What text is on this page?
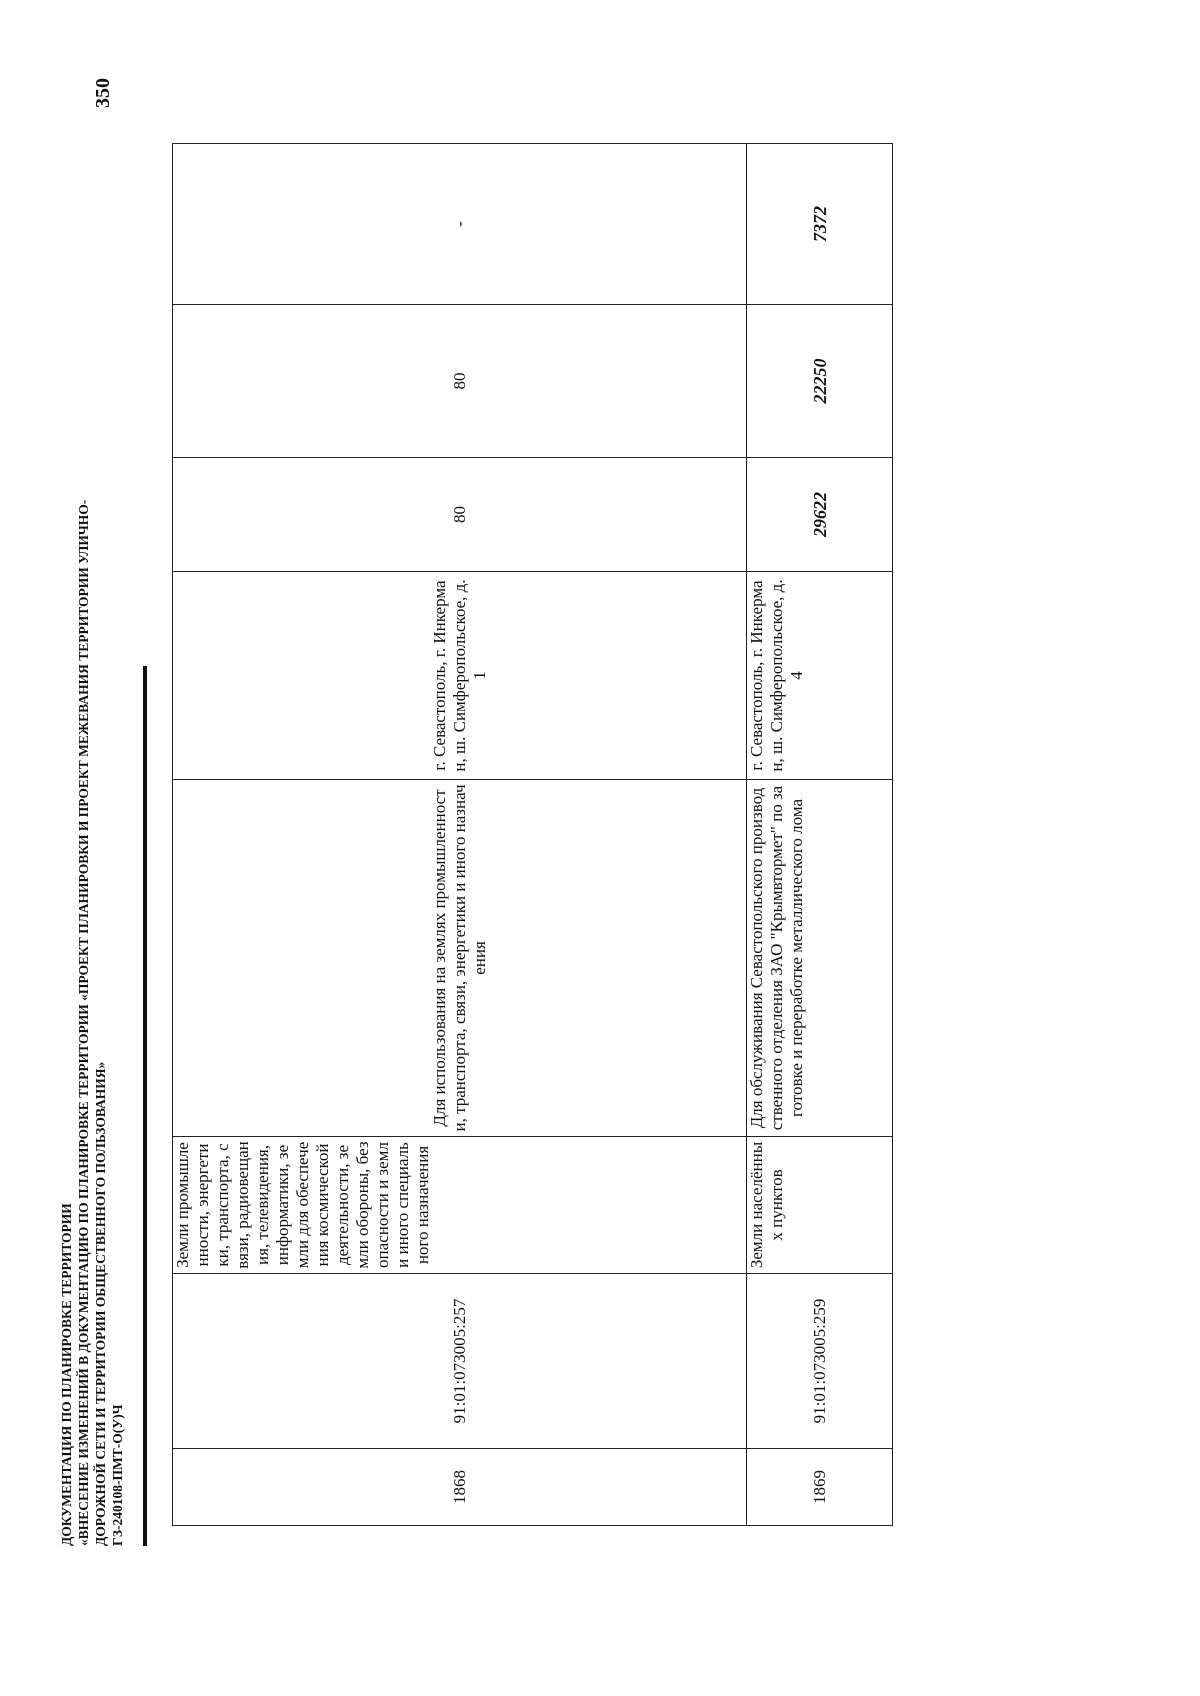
ДОКУМЕНТАЦИЯ ПО ПЛАНИРОВКЕ ТЕРРИТОРИИ «ВНЕСЕНИЕ ИЗМЕНЕНИЙ В ДОКУМЕНТАЦИЮ ПО ПЛАНИРОВКЕ ТЕРРИТОРИИ «ПРОЕКТ ПЛАНИРОВКИ И ПРОЕКТ МЕЖЕВАНИЯ ТЕРРИТОРИИ УЛИЧНО- ДОРОЖНОЙ СЕТИ И ТЕРРИТОРИИ ОБЩЕСТВЕННОГО ПОЛЬЗОВАНИЯ» ГЗ-240108-ПМТ-О(У)Ч
350
1868	91:01:073005:257	Земли промышленности, энергетики, транспорта, связи, радиовещания, телевидения, информатики, земли для обеспечения космической деятельности, земли обороны, безопасности и земли иного специального назначения	Для использования на землях промышленности, транспорта, связи, энергетики и иного назначения	г. Севастополь, г. Инкерман, ш. Симферопольское, д. 1	80	80	-
1869	91:01:073005:259	Земли населённых пунктов	Для обслуживания Севастопольского производственного отделения ЗАО "Крымвтормет" по заготовке и переработке металлического лома	г. Севастополь, г. Инкерман, ш. Симферопольское, д. 4	29622	22250	7372
